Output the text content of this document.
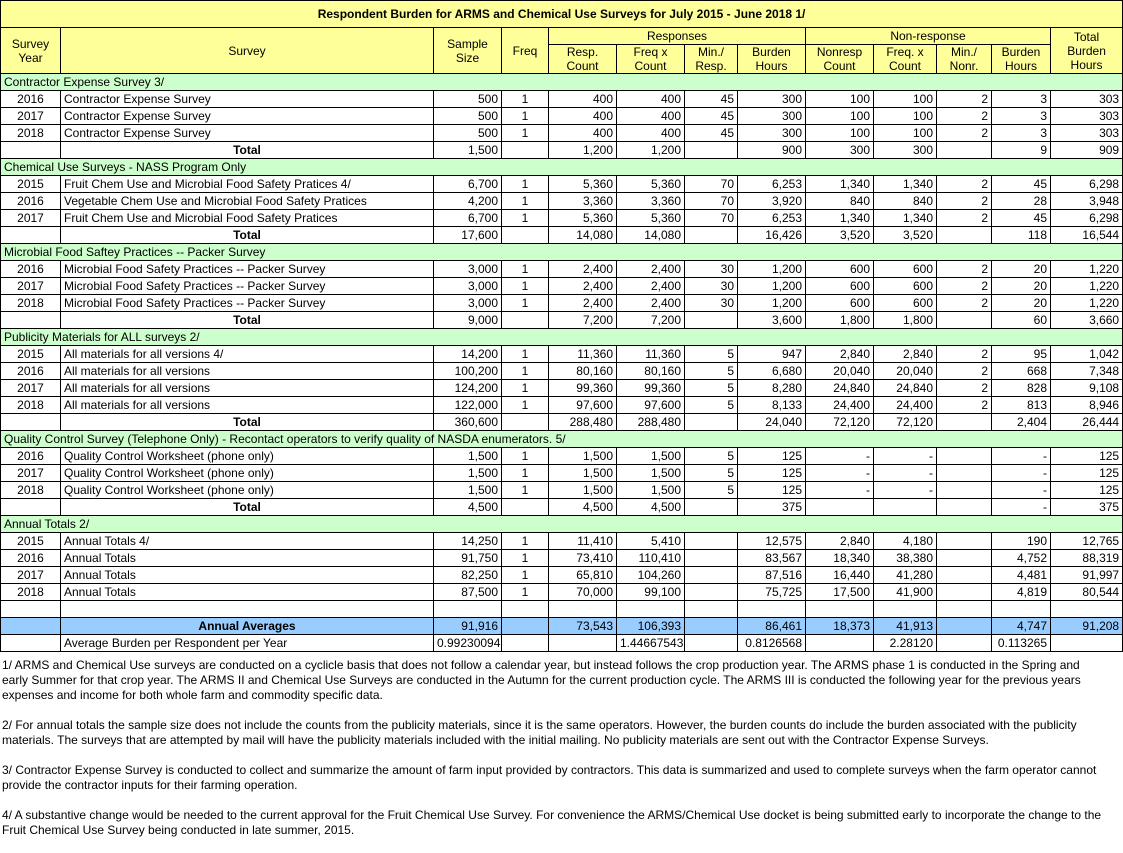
Respondent Burden for ARMS and Chemical Use Surveys for July 2015 - June 2018 1/												
Survey Year	Survey	Sample Size	Freq	Responses				Non-response				Total Burden Hours
				Resp. Count	Freq x Count	Min./ Resp.	Burden Hours	Nonresp Count	Freq. x Count	Min./ Nonr.	Burden Hours	
Contractor Expense Survey 3/												
2016	Contractor Expense Survey	500	1	400	400	45	300	100	100	2	3	303
2017	Contractor Expense Survey	500	1	400	400	45	300	100	100	2	3	303
2018	Contractor Expense Survey	500	1	400	400	45	300	100	100	2	3	303
	Total	1,500		1,200	1,200		900	300	300		9	909
Chemical Use Surveys - NASS Program Only												
2015	Fruit Chem Use and Microbial Food Safety Pratices 4/	6,700	1	5,360	5,360	70	6,253	1,340	1,340	2	45	6,298
2016	Vegetable Chem Use and Microbial Food Safety Pratices	4,200	1	3,360	3,360	70	3,920	840	840	2	28	3,948
2017	Fruit Chem Use and Microbial Food Safety Pratices	6,700	1	5,360	5,360	70	6,253	1,340	1,340	2	45	6,298
	Total	17,600		14,080	14,080		16,426	3,520	3,520		118	16,544
Microbial Food Saftey Practices -- Packer Survey												
2016	Microbial Food Safety Practices -- Packer Survey	3,000	1	2,400	2,400	30	1,200	600	600	2	20	1,220
2017	Microbial Food Safety Practices -- Packer Survey	3,000	1	2,400	2,400	30	1,200	600	600	2	20	1,220
2018	Microbial Food Safety Practices -- Packer Survey	3,000	1	2,400	2,400	30	1,200	600	600	2	20	1,220
	Total	9,000		7,200	7,200		3,600	1,800	1,800		60	3,660
Publicity Materials for ALL surveys 2/												
2015	All materials for all versions 4/	14,200	1	11,360	11,360	5	947	2,840	2,840	2	95	1,042
2016	All materials for all versions	100,200	1	80,160	80,160	5	6,680	20,040	20,040	2	668	7,348
2017	All materials for all versions	124,200	1	99,360	99,360	5	8,280	24,840	24,840	2	828	9,108
2018	All materials for all versions	122,000	1	97,600	97,600	5	8,133	24,400	24,400	2	813	8,946
	Total	360,600		288,480	288,480		24,040	72,120	72,120		2,404	26,444
Quality Control Survey (Telephone Only) - Recontact operators to verify quality of NASDA enumerators. 5/												
2016	Quality Control Worksheet (phone only)	1,500	1	1,500	1,500	5	125	-	-		-	125
2017	Quality Control Worksheet (phone only)	1,500	1	1,500	1,500	5	125	-	-		-	125
2018	Quality Control Worksheet (phone only)	1,500	1	1,500	1,500	5	125	-	-		-	125
	Total	4,500		4,500	4,500		375				-	375
Annual Totals 2/												
2015	Annual Totals 4/	14,250	1	11,410	5,410		12,575	2,840	4,180		190	12,765
2016	Annual Totals	91,750	1	73,410	110,410		83,567	18,340	38,380		4,752	88,319
2017	Annual Totals	82,250	1	65,810	104,260		87,516	16,440	41,280		4,481	91,997
2018	Annual Totals	87,500	1	70,000	99,100		75,725	17,500	41,900		4,819	80,544

	Annual Averages	91,916		73,543	106,393		86,461	18,373	41,913		4,747	91,208
	Average Burden per Respondent per Year	0.99230094			1.44667543		0.8126568		2.28120		0.113265	

1/ ARMS and Chemical Use surveys are conducted on a cycliclе basis that does not follow a calendar year, but instead follows the crop production year. The ARMS phase 1 is conducted in the Spring and early Summer for that crop year. The ARMS II and Chemical Use Surveys are conducted in the Autumn for the current production cycle. The ARMS III is conducted the following year for the previous years expenses and income for both whole farm and commodity specific data.

2/ For annual totals the sample size does not include the counts from the publicity materials, since it is the same operators. However, the burden counts do include the burden associated with the publicity materials. The surveys that are attempted by mail will have the publicity materials included with the initial mailing. No publicity materials are sent out with the Contractor Expense Surveys.

3/ Contractor Expense Survey is conducted to collect and summarize the amount of farm input provided by contractors. This data is summarized and used to complete surveys when the farm operator cannot provide the contractor inputs for their farming operation.

4/ A substantive change would be needed to the current approval for the Fruit Chemical Use Survey. For convenience the ARMS/Chemical Use docket is being submitted early to incorporate the change to the Fruit Chemical Use Survey being conducted in late summer, 2015.
